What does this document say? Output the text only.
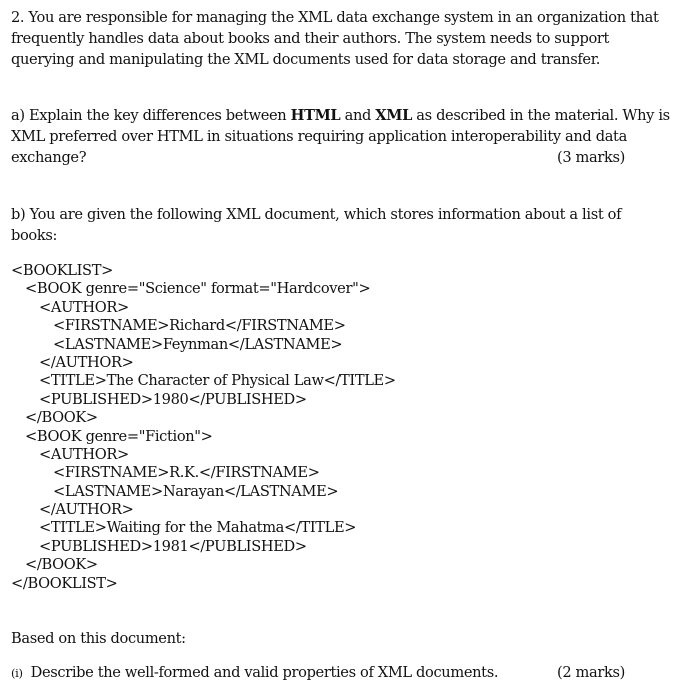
2. You are responsible for managing the XML data exchange system in an organization that
frequently handles data about books and their authors. The system needs to support
querying and manipulating the XML documents used for data storage and transfer.
a) Explain the key differences between HTML and XML as described in the material. Why is
XML preferred over HTML in situations requiring application interoperability and data
exchange?	(3 marks)
b) You are given the following XML document, which stores information about a list of
books:
<BOOKLIST>
<BOOK genre="Science" format="Hardcover">
<AUTHOR>
<FIRSTNAME>Richard</FIRSTNAME>
<LASTNAME>Feynman</LASTNAME>
</AUTHOR>
<TITLE>The Character of Physical Law</TITLE>
<PUBLISHED>1980</PUBLISHED>
</BOOK>
<BOOK genre="Fiction">
<AUTHOR>
<FIRSTNAME>R.K.</FIRSTNAME>
<LASTNAME>Narayan</LASTNAME>
</AUTHOR>
<TITLE>Waiting for the Mahatma</TITLE>
<PUBLISHED>1981</PUBLISHED>
</BOOK>
</BOOKLIST>
Based on this document:
(i) Describe the well-formed and valid properties of XML documents.	(2 marks)
